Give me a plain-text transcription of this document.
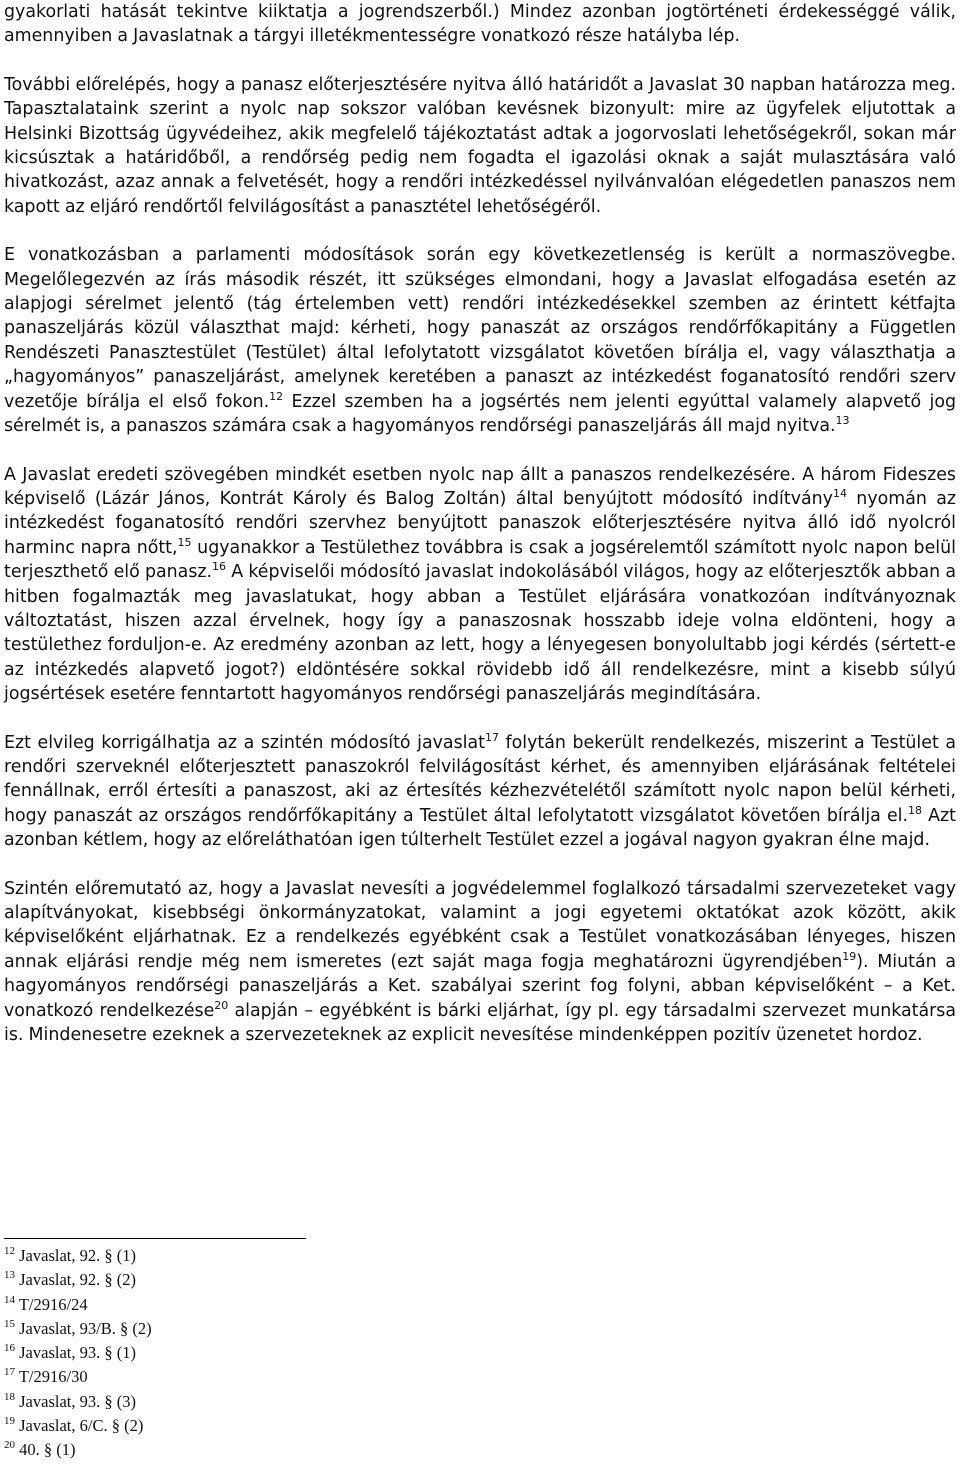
gyakorlati hatását tekintve kiiktatja a jogrendszerből.) Mindez azonban jogtörténeti érdekességgé válik, amennyiben a Javaslatnak a tárgyi illetékmentességre vonatkozó része hatályba lép.

További előrelépés, hogy a panasz előterjesztésére nyitva álló határidőt a Javaslat 30 napban határozza meg. Tapasztalataink szerint a nyolc nap sokszor valóban kevésnek bizonyult: mire az ügyfelek eljutottak a Helsinki Bizottság ügyvédeihez, akik megfelelő tájékoztatást adtak a jogorvoslati lehetőségekről, sokan már kicsúsztak a határidőből, a rendőrség pedig nem fogadta el igazolási oknak a saját mulasztására való hivatkozást, azaz annak a felvetését, hogy a rendőri intézkedéssel nyilvánvalóan elégedetlen panaszos nem kapott az eljáró rendőrtől felvilágosítást a panasztétel lehetőségéről.

E vonatkozásban a parlamenti módosítások során egy következetlenség is került a normaszövegbe. Megelőlegezvén az írás második részét, itt szükséges elmondani, hogy a Javaslat elfogadása esetén az alapjogi sérelmet jelentő (tág értelemben vett) rendőri intézkedésekkel szemben az érintett kétfajta panaszeljárás közül választhat majd: kérheti, hogy panaszát az országos rendőrfőkapitány a Független Rendészeti Panasztestület (Testület) által lefolytatott vizsgálatot követően bírálja el, vagy választhatja a „hagyományos” panaszeljárást, amelynek keretében a panaszt az intézkedést foganatosító rendőri szerv vezetője bírálja el első fokon.$^{12}$ Ezzel szemben ha a jogsértés nem jelenti egyúttal valamely alapvető jog sérelmét is, a panaszos számára csak a hagyományos rendőrségi panaszeljárás áll majd nyitva.$^{13}$

A Javaslat eredeti szövegében mindkét esetben nyolc nap állt a panaszos rendelkezésére. A három Fideszes képviselő (Lázár János, Kontrát Károly és Balog Zoltán) által benyújtott módosító indítvány$^{14}$ nyomán az intézkedést foganatosító rendőri szervhez benyújtott panaszok előterjesztésére nyitva álló idő nyolcról harminc napra nőtt,$^{15}$ ugyanakkor a Testülethez továbbra is csak a jogsérelemtől számított nyolc napon belül terjeszthető elő panasz.$^{16}$ A képviselői módosító javaslat indokolásából világos, hogy az előterjesztők abban a hitben fogalmazták meg javaslatukat, hogy abban a Testület eljárására vonatkozóan indítványoznak változtatást, hiszen azzal érvelnek, hogy így a panaszosnak hosszabb ideje volna eldönteni, hogy a testülethez forduljon-e. Az eredmény azonban az lett, hogy a lényegesen bonyolultabb jogi kérdés (sértett-e az intézkedés alapvető jogot?) eldöntésére sokkal rövidebb idő áll rendelkezésre, mint a kisebb súlyú jogsértések esetére fenntartott hagyományos rendőrségi panaszeljárás megindítására.

Ezt elvileg korrigálhatja az a szintén módosító javaslat$^{17}$ folytán bekerült rendelkezés, miszerint a Testület a rendőri szerveknél előterjesztett panaszokról felvilágosítást kérhet, és amennyiben eljárásának feltételei fennállnak, erről értesíti a panaszost, aki az értesítés kézhezvételétől számított nyolc napon belül kérheti, hogy panaszát az országos rendőrfőkapitány a Testület által lefolytatott vizsgálatot követően bírálja el.$^{18}$ Azt azonban kétlem, hogy az előreláthatóan igen túlterhelt Testület ezzel a jogával nagyon gyakran élne majd.

Szintén előremutató az, hogy a Javaslat nevesíti a jogvédelemmel foglalkozó társadalmi szervezeteket vagy alapítványokat, kisebbségi önkormányzatokat, valamint a jogi egyetemi oktatókat azok között, akik képviselőként eljárhatnak. Ez a rendelkezés egyébként csak a Testület vonatkozásában lényeges, hiszen annak eljárási rendje még nem ismeretes (ezt saját maga fogja meghatározni ügyrendjében$^{19}$). Miután a hagyományos rendőrségi panaszeljárás a Ket. szabályai szerint fog folyni, abban képviselőként – a Ket. vonatkozó rendelkezése$^{20}$ alapján – egyébként is bárki eljárhat, így pl. egy társadalmi szervezet munkatársa is. Mindenesetre ezeknek a szervezeteknek az explicit nevesítése mindenképpen pozitív üzenetet hordoz.

$^{12}$ Javaslat, 92. § (1)
$^{13}$ Javaslat, 92. § (2)
$^{14}$ T/2916/24
$^{15}$ Javaslat, 93/B. § (2)
$^{16}$ Javaslat, 93. § (1)
$^{17}$ T/2916/30
$^{18}$ Javaslat, 93. § (3)
$^{19}$ Javaslat, 6/C. § (2)
$^{20}$ 40. § (1)
